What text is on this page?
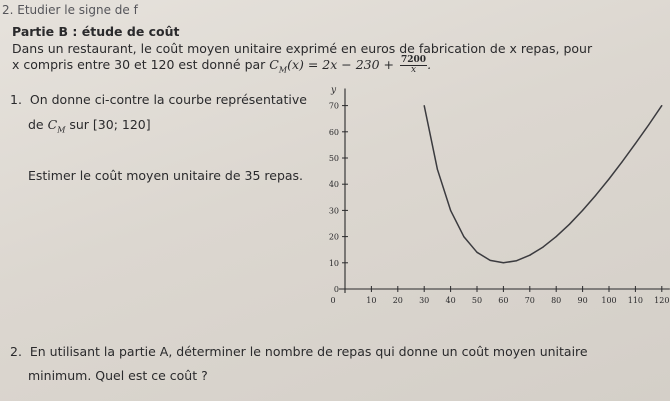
2. Etudier le signe de f
Partie B : étude de coût
Dans un restaurant, le coût moyen unitaire exprimé en euros de fabrication de x repas, pour
x compris entre 30 et 120 est donné par $C_M(x) = 2x - 230 + \frac{7200}{x}$ .
1. On donne ci-contre la courbe représentative
de $C_M$ sur [30; 120]
Estimer le coût moyen unitaire de 35 repas.
2. En utilisant la partie A, déterminer le nombre de repas qui donne un coût moyen unitaire
minimum. Quel est ce coût ?
y
0	10 20 30 40 50 60 70 80 90 100 110 120
0
10
20
30
40
50
60
70
